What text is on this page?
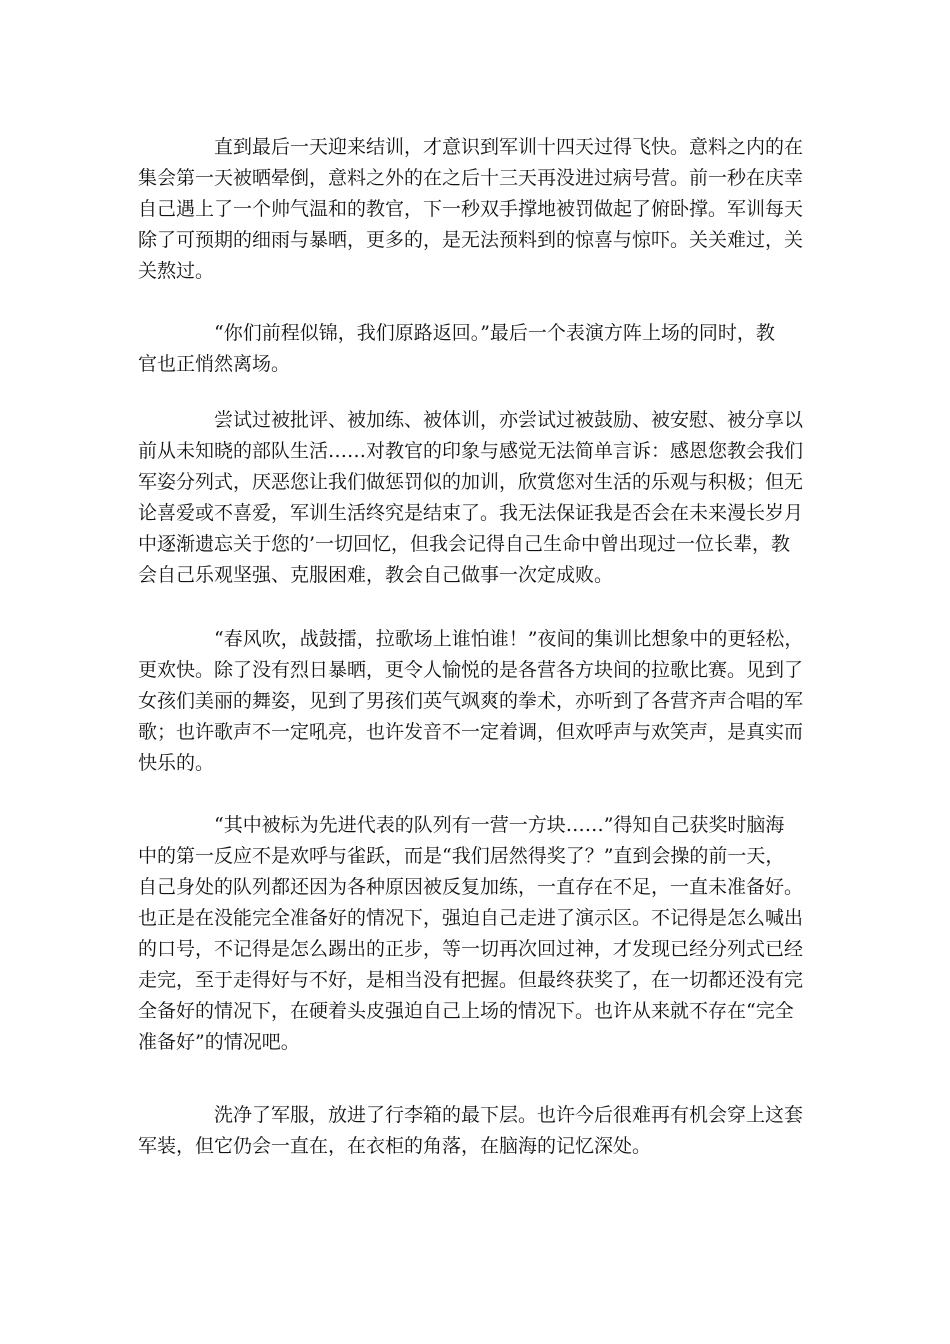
直到最后一天迎来结训，才意识到军训十四天过得飞快。意料之内的在
集会第一天被晒晕倒，意料之外的在之后十三天再没进过病号营。前一秒在庆幸
自己遇上了一个帅气温和的教官，下一秒双手撑地被罚做起了俯卧撑。军训每天
除了可预期的细雨与暴晒，更多的，是无法预料到的惊喜与惊吓。关关难过，关
关熬过。
“你们前程似锦，我们原路返回。”最后一个表演方阵上场的同时，教
官也正悄然离场。
尝试过被批评、被加练、被体训，亦尝试过被鼓励、被安慰、被分享以
前从未知晓的部队生活……对教官的印象与感觉无法简单言诉：感恩您教会我们
军姿分列式，厌恶您让我们做惩罚似的加训，欣赏您对生活的乐观与积极；但无
论喜爱或不喜爱，军训生活终究是结束了。我无法保证我是否会在未来漫长岁月
中逐渐遗忘关于您的’一切回忆，但我会记得自己生命中曾出现过一位长辈，教
会自己乐观坚强、克服困难，教会自己做事一次定成败。
“春风吹，战鼓擂，拉歌场上谁怕谁！”夜间的集训比想象中的更轻松，
更欢快。除了没有烈日暴晒，更令人愉悦的是各营各方块间的拉歌比赛。见到了
女孩们美丽的舞姿，见到了男孩们英气飒爽的拳术，亦听到了各营齐声合唱的军
歌；也许歌声不一定吼亮，也许发音不一定着调，但欢呼声与欢笑声，是真实而
快乐的。
“其中被标为先进代表的队列有一营一方块……”得知自己获奖时脑海
中的第一反应不是欢呼与雀跃，而是“我们居然得奖了？”直到会操的前一天，
自己身处的队列都还因为各种原因被反复加练，一直存在不足，一直未准备好。
也正是在没能完全准备好的情况下，强迫自己走进了演示区。不记得是怎么喊出
的口号，不记得是怎么踢出的正步，等一切再次回过神，才发现已经分列式已经
走完，至于走得好与不好，是相当没有把握。但最终获奖了，在一切都还没有完
全备好的情况下，在硬着头皮强迫自己上场的情况下。也许从来就不存在“完全
准备好”的情况吧。
洗净了军服，放进了行李箱的最下层。也许今后很难再有机会穿上这套
军装，但它仍会一直在，在衣柜的角落，在脑海的记忆深处。
